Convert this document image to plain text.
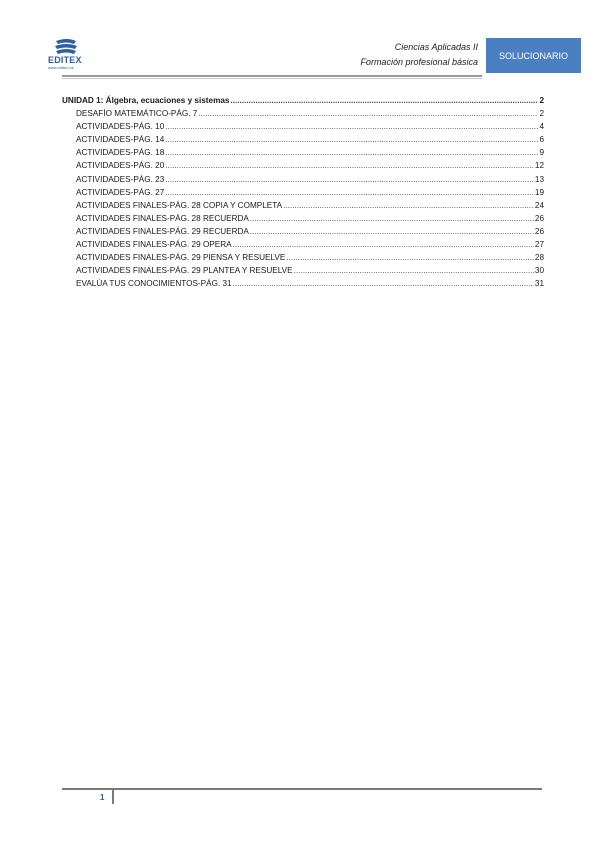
EDITEX
www.editex.es
Ciencias Aplicadas II
Formación profesional básica
SOLUCIONARIO
UNIDAD 1: Álgebra, ecuaciones y sistemas .....	2
DESAFÍO MATEMÁTICO-PÁG. 7 .....	2
ACTIVIDADES-PÁG. 10 .....	4
ACTIVIDADES-PÁG. 14 .....	6
ACTIVIDADES-PÁG. 18 .....	9
ACTIVIDADES-PÁG. 20 .....	12
ACTIVIDADES-PÁG. 23 .....	13
ACTIVIDADES-PÁG. 27 .....	19
ACTIVIDADES FINALES-PÁG. 28 COPIA Y COMPLETA .....	24
ACTIVIDADES FINALES-PÁG. 28 RECUERDA .....	26
ACTIVIDADES FINALES-PÁG. 29 RECUERDA .....	26
ACTIVIDADES FINALES-PÁG. 29 OPERA .....	27
ACTIVIDADES FINALES-PÁG. 29 PIENSA Y RESUELVE .....	28
ACTIVIDADES FINALES-PÁG. 29 PLANTEA Y RESUELVE .....	30
EVALÚA TUS CONOCIMIENTOS-PÁG. 31 .....	31
1
